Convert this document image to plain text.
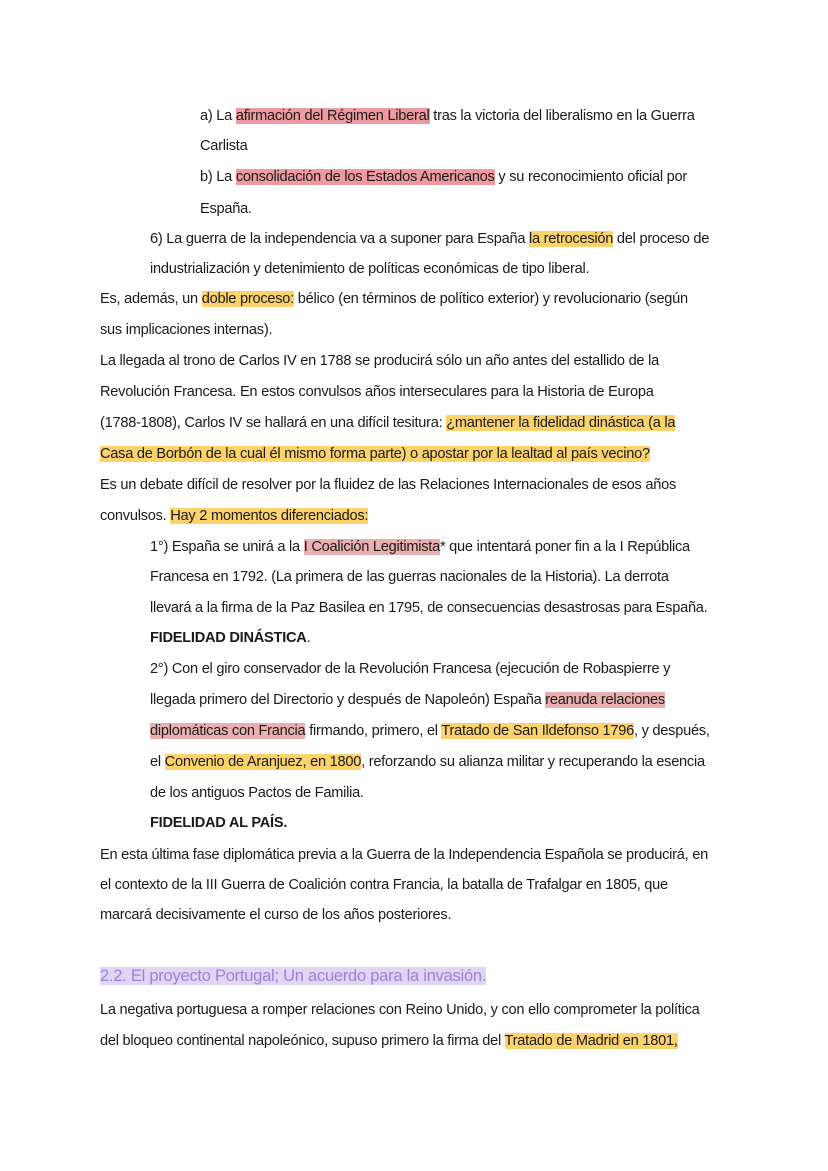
a) La afirmación del Régimen Liberal tras la victoria del liberalismo en la Guerra
Carlista
b) La consolidación de los Estados Americanos y su reconocimiento oficial por
España.
6) La guerra de la independencia va a suponer para España la retrocesión del proceso de
industrialización y detenimiento de políticas económicas de tipo liberal.
Es, además, un doble proceso: bélico (en términos de político exterior) y revolucionario (según
sus implicaciones internas).
La llegada al trono de Carlos IV en 1788 se producirá sólo un año antes del estallido de la
Revolución Francesa. En estos convulsos años interseculares para la Historia de Europa
(1788-1808), Carlos IV se hallará en una difícil tesitura: ¿mantener la fidelidad dinástica (a la
Casa de Borbón de la cual él mismo forma parte) o apostar por la lealtad al país vecino?
Es un debate difícil de resolver por la fluidez de las Relaciones Internacionales de esos años
convulsos. Hay 2 momentos diferenciados:
1°) España se unirá a la I Coalición Legitimista* que intentará poner fin a la I República
Francesa en 1792. (La primera de las guerras nacionales de la Historia). La derrota
llevará a la firma de la Paz Basilea en 1795, de consecuencias desastrosas para España.
FIDELIDAD DINÁSTICA.
2°) Con el giro conservador de la Revolución Francesa (ejecución de Robaspierre y
llegada primero del Directorio y después de Napoleón) España reanuda relaciones
diplomáticas con Francia firmando, primero, el Tratado de San Ildefonso 1796, y después,
el Convenio de Aranjuez, en 1800, reforzando su alianza militar y recuperando la esencia
de los antiguos Pactos de Familia.
FIDELIDAD AL PAÍS.
En esta última fase diplomática previa a la Guerra de la Independencia Española se producirá, en
el contexto de la III Guerra de Coalición contra Francia, la batalla de Trafalgar en 1805, que
marcará decisivamente el curso de los años posteriores.
2.2. El proyecto Portugal; Un acuerdo para la invasión.
La negativa portuguesa a romper relaciones con Reino Unido, y con ello comprometer la política
del bloqueo continental napoleónico, supuso primero la firma del Tratado de Madrid en 1801,
